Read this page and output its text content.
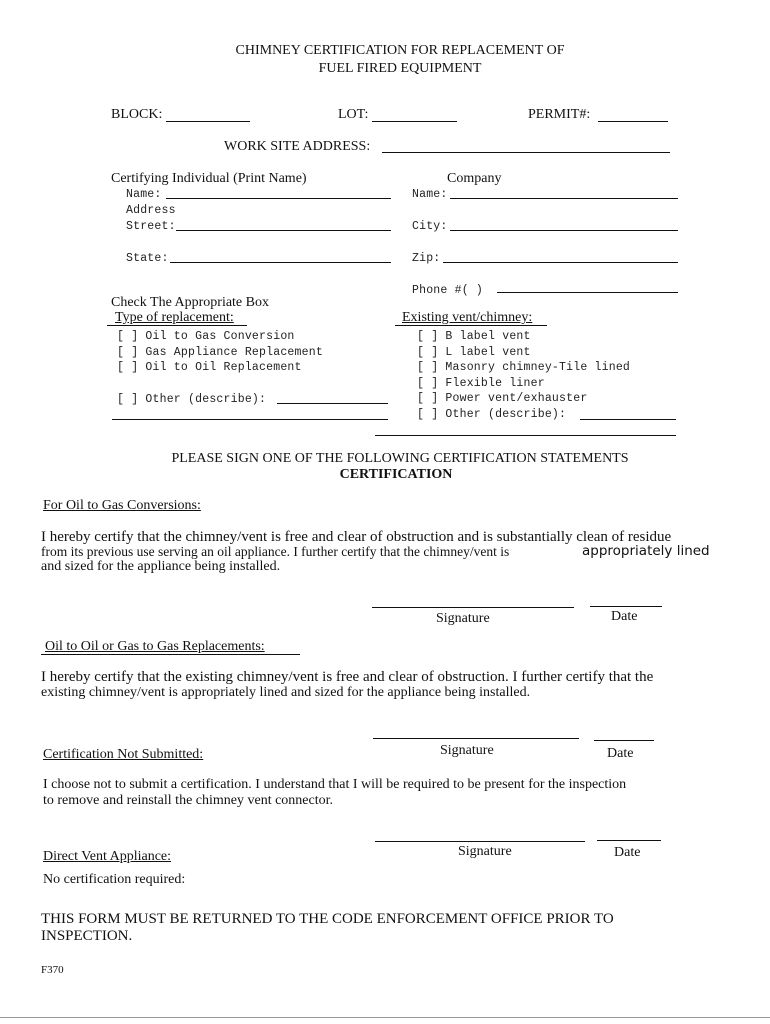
CHIMNEY CERTIFICATION FOR REPLACEMENT OF
FUEL FIRED EQUIPMENT
BLOCK:	LOT:	PERMIT#:
WORK SITE ADDRESS:
Certifying Individual (Print Name)
Name:
Address
Street:
State:
Company
Name:
City:
Zip:
Phone #( )
Check The Appropriate Box
Type of replacement:
[ ] Oil to Gas Conversion
[ ] Gas Appliance Replacement
[ ] Oil to Oil Replacement
[ ] Other (describe):
Existing vent/chimney:
[ ] B label vent
[ ] L label vent
[ ] Masonry chimney-Tile lined
[ ] Flexible liner
[ ] Power vent/exhauster
[ ] Other (describe):
PLEASE SIGN ONE OF THE FOLLOWING CERTIFICATION STATEMENTS
CERTIFICATION
For Oil to Gas Conversions:
I hereby certify that the chimney/vent is free and clear of obstruction and is substantially clean of residue
from its previous use serving an oil appliance. I further certify that the chimney/vent is	appropriately lined
and sized for the appliance being installed.
Signature	Date
Oil to Oil or Gas to Gas Replacements:
I hereby certify that the existing chimney/vent is free and clear of obstruction. I further certify that the
existing chimney/vent is appropriately lined and sized for the appliance being installed.
Signature	Date
Certification Not Submitted:
I choose not to submit a certification. I understand that I will be required to be present for the inspection
to remove and reinstall the chimney vent connector.
Signature	Date
Direct Vent Appliance:
No certification required:
THIS FORM MUST BE RETURNED TO THE CODE ENFORCEMENT OFFICE PRIOR TO
INSPECTION.
F370
